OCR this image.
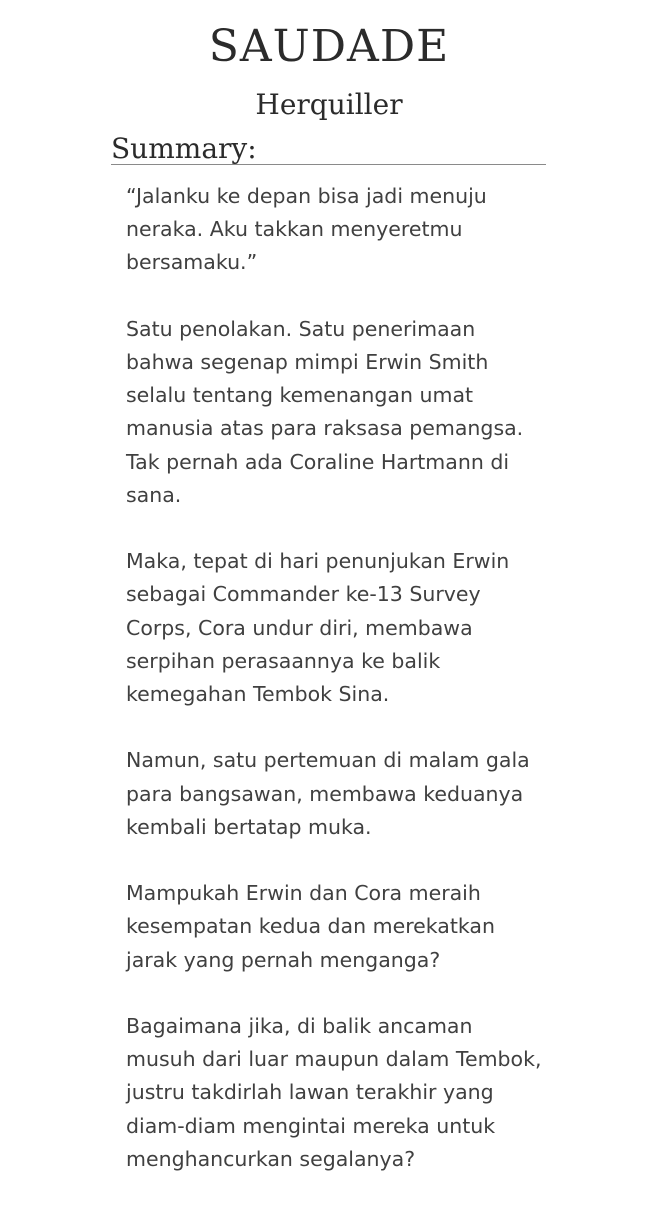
SAUDADE
Herquiller
Summary:

“Jalanku ke depan bisa jadi menuju
neraka. Aku takkan menyeretmu
bersamaku.”

Satu penolakan. Satu penerimaan
bahwa segenap mimpi Erwin Smith
selalu tentang kemenangan umat
manusia atas para raksasa pemangsa.
Tak pernah ada Coraline Hartmann di
sana.

Maka, tepat di hari penunjukan Erwin
sebagai Commander ke-13 Survey
Corps, Cora undur diri, membawa
serpihan perasaannya ke balik
kemegahan Tembok Sina.

Namun, satu pertemuan di malam gala
para bangsawan, membawa keduanya
kembali bertatap muka.

Mampukah Erwin dan Cora meraih
kesempatan kedua dan merekatkan
jarak yang pernah menganga?

Bagaimana jika, di balik ancaman
musuh dari luar maupun dalam Tembok,
justru takdirlah lawan terakhir yang
diam-diam mengintai mereka untuk
menghancurkan segalanya?
